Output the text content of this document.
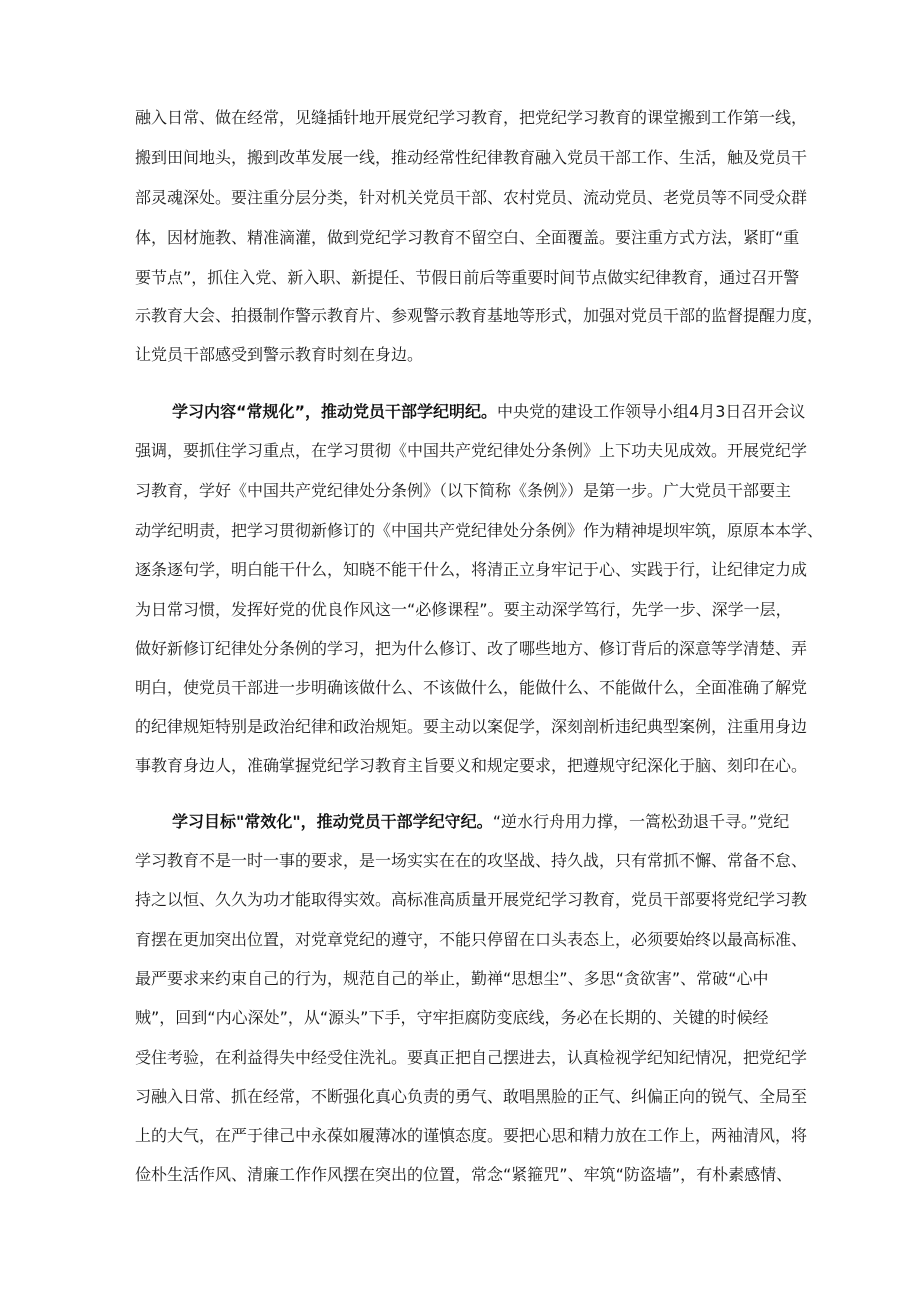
融入日常、做在经常，见缝插针地开展党纪学习教育，把党纪学习教育的课堂搬到工作第一线，

搬到田间地头，搬到改革发展一线，推动经常性纪律教育融入党员干部工作、生活，触及党员干

部灵魂深处。要注重分层分类，针对机关党员干部、农村党员、流动党员、老党员等不同受众群

体，因材施教、精准滴灌，做到党纪学习教育不留空白、全面覆盖。要注重方式方法，紧盯“重

要节点”，抓住入党、新入职、新提任、节假日前后等重要时间节点做实纪律教育，通过召开警

示教育大会、拍摄制作警示教育片、参观警示教育基地等形式，加强对党员干部的监督提醒力度，

让党员干部感受到警示教育时刻在身边。

学习内容“常规化”，推动党员干部学纪明纪。中央党的建设工作领导小组4月3日召开会议

强调，要抓住学习重点，在学习贯彻《中国共产党纪律处分条例》上下功夫见成效。开展党纪学

习教育，学好《中国共产党纪律处分条例》（以下简称《条例》）是第一步。广大党员干部要主

动学纪明责，把学习贯彻新修订的《中国共产党纪律处分条例》作为精神堤坝牢筑，原原本本学、

逐条逐句学，明白能干什么，知晓不能干什么，将清正立身牢记于心、实践于行，让纪律定力成

为日常习惯，发挥好党的优良作风这一“必修课程”。要主动深学笃行，先学一步、深学一层，

做好新修订纪律处分条例的学习，把为什么修订、改了哪些地方、修订背后的深意等学清楚、弄

明白，使党员干部进一步明确该做什么、不该做什么，能做什么、不能做什么，全面准确了解党

的纪律规矩特别是政治纪律和政治规矩。要主动以案促学，深刻剖析违纪典型案例，注重用身边

事教育身边人，准确掌握党纪学习教育主旨要义和规定要求，把遵规守纪深化于脑、刻印在心。

学习目标"常效化"，推动党员干部学纪守纪。“逆水行舟用力撑，一篙松劲退千寻。”党纪

学习教育不是一时一事的要求，是一场实实在在的攻坚战、持久战，只有常抓不懈、常备不怠、

持之以恒、久久为功才能取得实效。高标准高质量开展党纪学习教育，党员干部要将党纪学习教

育摆在更加突出位置，对党章党纪的遵守，不能只停留在口头表态上，必须要始终以最高标准、

最严要求来约束自己的行为，规范自己的举止，勤禅“思想尘”、多思“贪欲害”、常破“心中

贼”，回到“内心深处”，从“源头”下手，守牢拒腐防变底线，务必在长期的、关键的时候经

受住考验，在利益得失中经受住洗礼。要真正把自己摆进去，认真检视学纪知纪情况，把党纪学

习融入日常、抓在经常，不断强化真心负责的勇气、敢唱黑脸的正气、纠偏正向的锐气、全局至

上的大气，在严于律己中永葆如履薄冰的谨慎态度。要把心思和精力放在工作上，两袖清风，将

俭朴生活作风、清廉工作作风摆在突出的位置，常念“紧箍咒”、牢筑“防盗墙”，有朴素感情、
